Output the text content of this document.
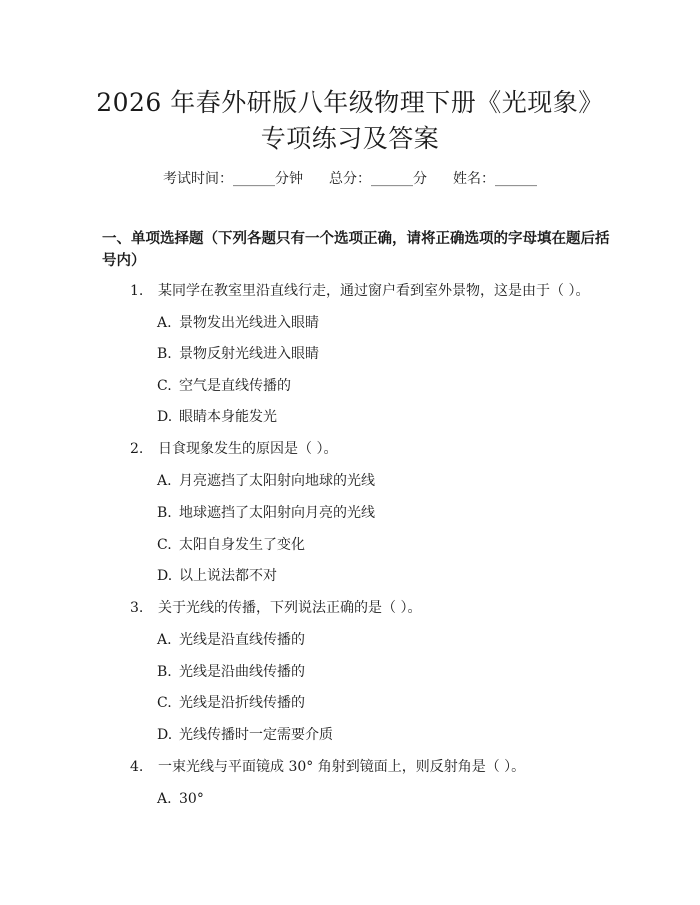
2026 年春外研版八年级物理下册《光现象》
专项练习及答案
考试时间：______分钟 总分：______分 姓名：______

一、单项选择题（下列各题只有一个选项正确，请将正确选项的字母填在题后括号内）

1. 某同学在教室里沿直线行走，通过窗户看到室外景物，这是由于（ ）。
A. 景物发出光线进入眼睛
B. 景物反射光线进入眼睛
C. 空气是直线传播的
D. 眼睛本身能发光
2. 日食现象发生的原因是（ ）。
A. 月亮遮挡了太阳射向地球的光线
B. 地球遮挡了太阳射向月亮的光线
C. 太阳自身发生了变化
D. 以上说法都不对
3. 关于光线的传播，下列说法正确的是（ ）。
A. 光线是沿直线传播的
B. 光线是沿曲线传播的
C. 光线是沿折线传播的
D. 光线传播时一定需要介质
4. 一束光线与平面镜成 30° 角射到镜面上，则反射角是（ ）。
A. 30°
